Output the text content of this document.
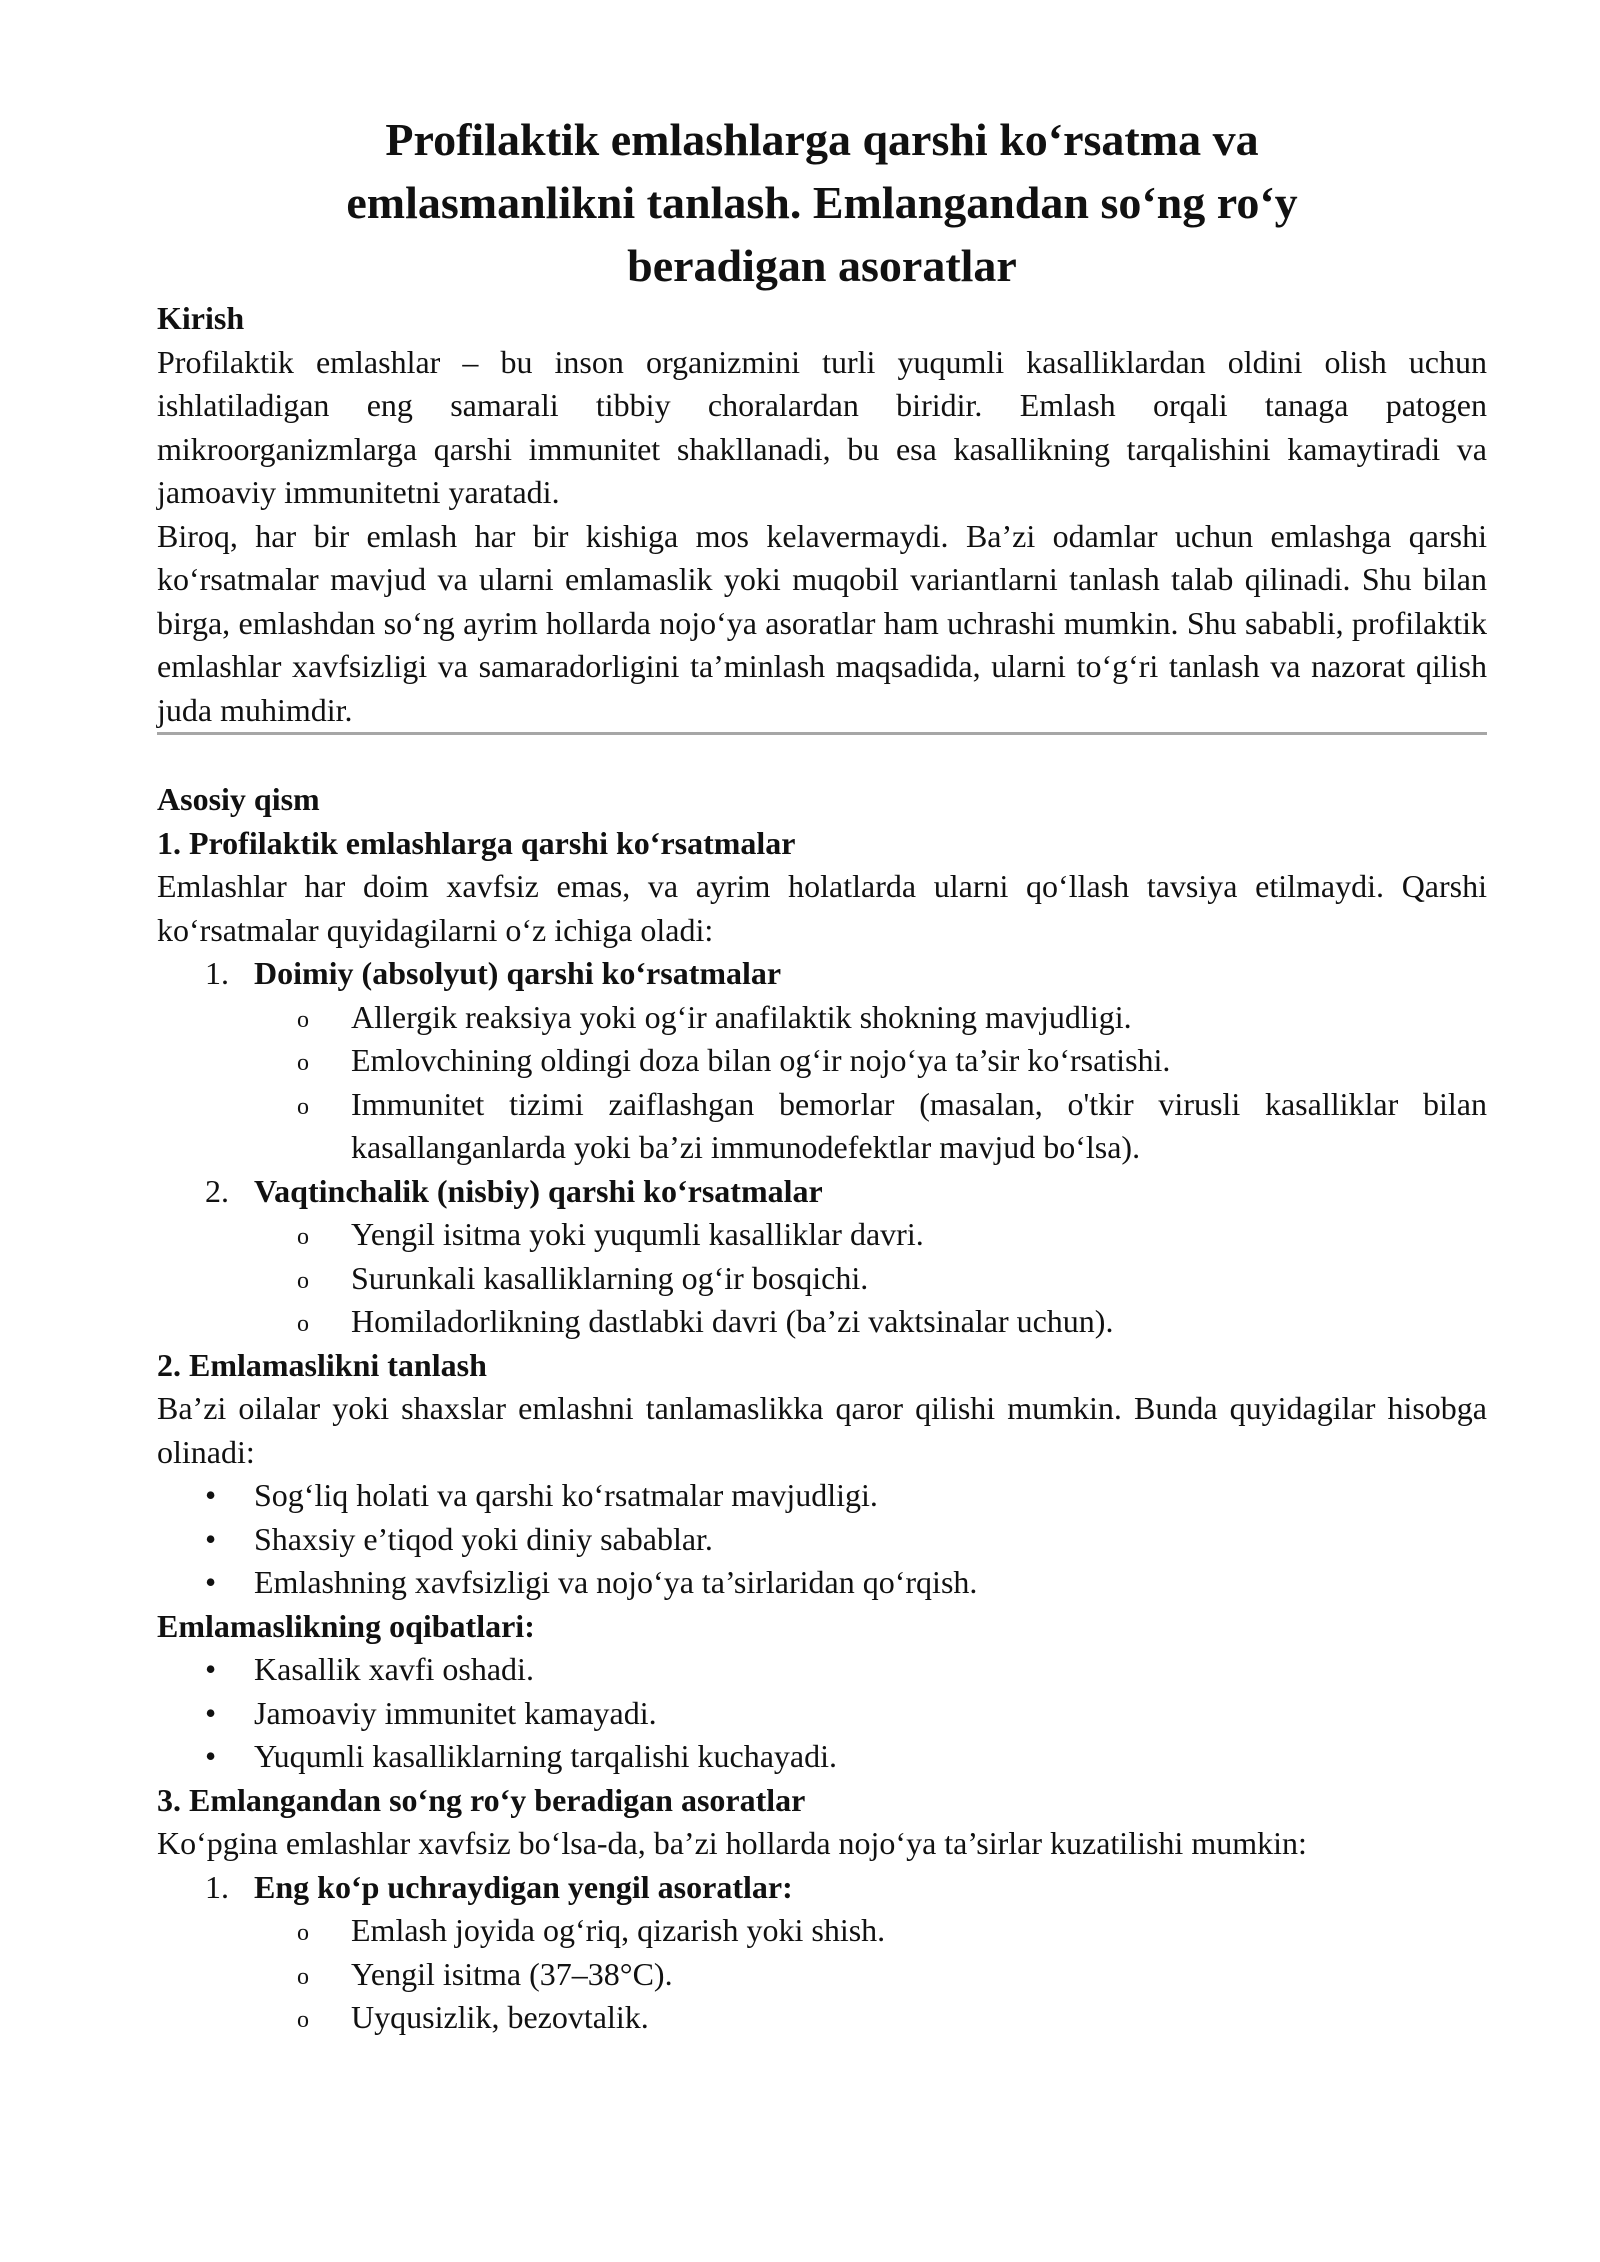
Profilaktik emlashlarga qarshi ko‘rsatma va
emlasmanlikni tanlash. Emlangandan so‘ng ro‘y
beradigan asoratlar
Kirish

Profilaktik emlashlar – bu inson organizmini turli yuqumli kasalliklardan oldini olish uchun ishlatiladigan eng samarali tibbiy choralardan biridir. Emlash orqali tanaga patogen mikroorganizmlarga qarshi immunitet shakllanadi, bu esa kasallikning tarqalishini kamaytiradi va jamoaviy immunitetni yaratadi.

Biroq, har bir emlash har bir kishiga mos kelavermaydi. Ba’zi odamlar uchun emlashga qarshi ko‘rsatmalar mavjud va ularni emlamaslik yoki muqobil variantlarni tanlash talab qilinadi. Shu bilan birga, emlashdan so‘ng ayrim hollarda nojo‘ya asoratlar ham uchrashi mumkin. Shu sababli, profilaktik emlashlar xavfsizligi va samaradorligini ta’minlash maqsadida, ularni to‘g‘ri tanlash va nazorat qilish juda muhimdir.

Asosiy qism
1. Profilaktik emlashlarga qarshi ko‘rsatmalar

Emlashlar har doim xavfsiz emas, va ayrim holatlarda ularni qo‘llash tavsiya etilmaydi. Qarshi ko‘rsatmalar quyidagilarni o‘z ichiga oladi:

1. Doimiy (absolyut) qarshi ko‘rsatmalar
o Allergik reaksiya yoki og‘ir anafilaktik shokning mavjudligi.
o Emlovchining oldingi doza bilan og‘ir nojo‘ya ta’sir ko‘rsatishi.
o Immunitet tizimi zaiflashgan bemorlar (masalan, o'tkir virusli kasalliklar bilan kasallanganlarda yoki ba’zi immunodefektlar mavjud bo‘lsa).
2. Vaqtinchalik (nisbiy) qarshi ko‘rsatmalar
o Yengil isitma yoki yuqumli kasalliklar davri.
o Surunkali kasalliklarning og‘ir bosqichi.
o Homiladorlikning dastlabki davri (ba’zi vaktsinalar uchun).
2. Emlamaslikni tanlash

Ba’zi oilalar yoki shaxslar emlashni tanlamaslikka qaror qilishi mumkin. Bunda quyidagilar hisobga olinadi:

• Sog‘liq holati va qarshi ko‘rsatmalar mavjudligi.
• Shaxsiy e’tiqod yoki diniy sabablar.
• Emlashning xavfsizligi va nojo‘ya ta’sirlaridan qo‘rqish.
Emlamaslikning oqibatlari:
• Kasallik xavfi oshadi.
• Jamoaviy immunitet kamayadi.
• Yuqumli kasalliklarning tarqalishi kuchayadi.
3. Emlangandan so‘ng ro‘y beradigan asoratlar

Ko‘pgina emlashlar xavfsiz bo‘lsa-da, ba’zi hollarda nojo‘ya ta’sirlar kuzatilishi mumkin:

1. Eng ko‘p uchraydigan yengil asoratlar:
o Emlash joyida og‘riq, qizarish yoki shish.
o Yengil isitma (37–38°C).
o Uyqusizlik, bezovtalik.
